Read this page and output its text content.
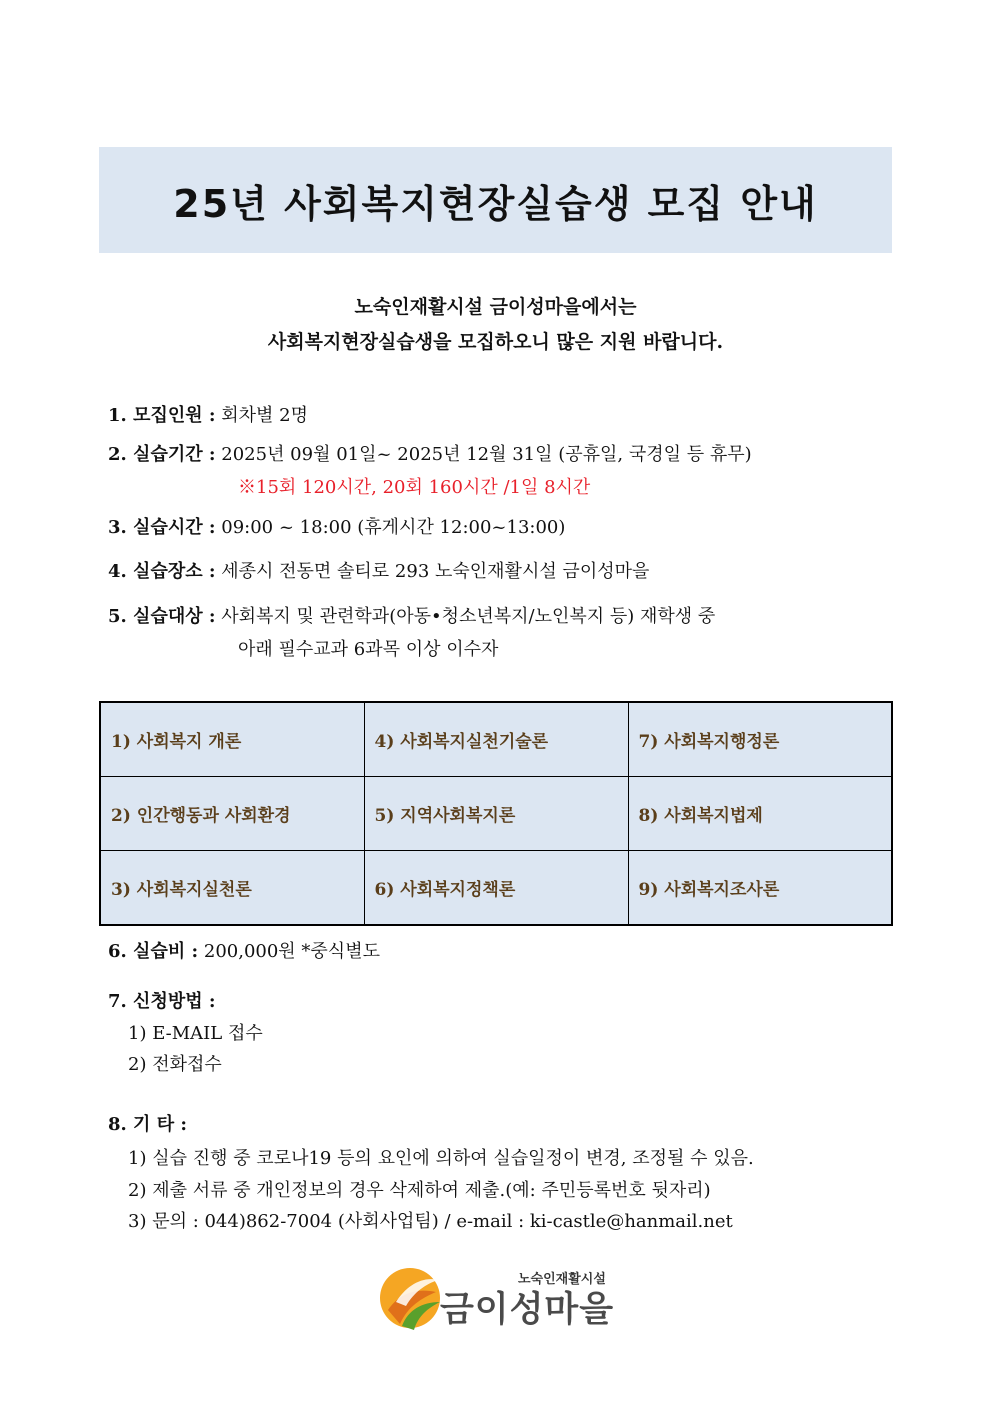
25년 사회복지현장실습생 모집 안내
노숙인재활시설 금이성마을에서는
사회복지현장실습생을 모집하오니 많은 지원 바랍니다.
1. 모집인원 : 회차별 2명
2. 실습기간 : 2025년 09월 01일~ 2025년 12월 31일 (공휴일, 국경일 등 휴무)
※15회 120시간, 20회 160시간 /1일 8시간
3. 실습시간 : 09:00 ~ 18:00 (휴게시간 12:00~13:00)
4. 실습장소 : 세종시 전동면 솔티로 293 노숙인재활시설 금이성마을
5. 실습대상 : 사회복지 및 관련학과(아동•청소년복지/노인복지 등) 재학생 중
아래 필수교과 6과목 이상 이수자
1) 사회복지 개론	4) 사회복지실천기술론	7) 사회복지행정론
2) 인간행동과 사회환경	5) 지역사회복지론	8) 사회복지법제
3) 사회복지실천론	6) 사회복지정책론	9) 사회복지조사론
6. 실습비 : 200,000원 *중식별도
7. 신청방법 :
1) E-MAIL 접수
2) 전화접수
8. 기 타 :
1) 실습 진행 중 코로나19 등의 요인에 의하여 실습일정이 변경, 조정될 수 있음.
2) 제출 서류 중 개인정보의 경우 삭제하여 제출.(예: 주민등록번호 뒷자리)
3) 문의 : 044)862-7004 (사회사업팀) / e-mail : ki-castle@hanmail.net
노숙인재활시설
금이성마을
